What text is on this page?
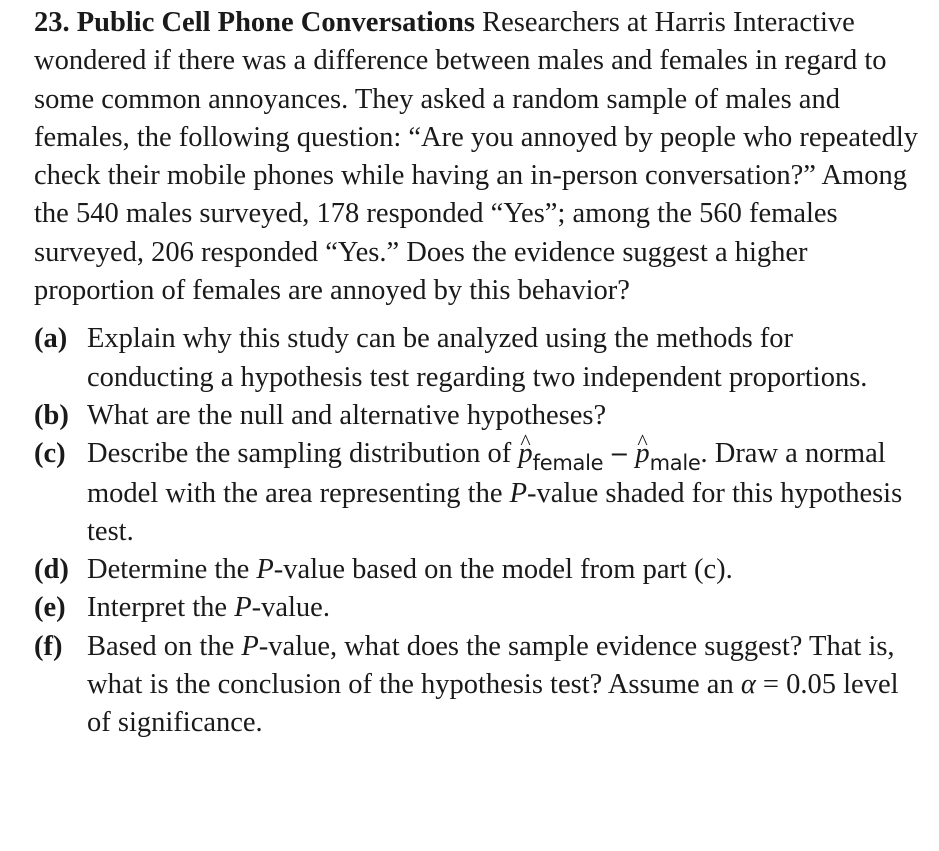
23. Public Cell Phone Conversations Researchers at Harris Interactive wondered if there was a difference between males and females in regard to some common annoyances. They asked a random sample of males and females, the following question: “Are you annoyed by people who repeatedly check their mobile phones while having an in-person conversation?” Among the 540 males surveyed, 178 responded “Yes”; among the 560 females surveyed, 206 responded “Yes.” Does the evidence suggest a higher proportion of females are annoyed by this behavior?

(a) Explain why this study can be analyzed using the methods for conducting a hypothesis test regarding two independent proportions.
(b) What are the null and alternative hypotheses?
(c) Describe the sampling distribution of ^ $p_{female}$ −^ $p_{male}$. Draw a normal model with the area representing the P-value shaded for this hypothesis test.
(d) Determine the P-value based on the model from part (c).
(e) Interpret the P-value.
(f) Based on the P-value, what does the sample evidence suggest? That is, what is the conclusion of the hypothesis test? Assume an α = 0.05 level of significance.
